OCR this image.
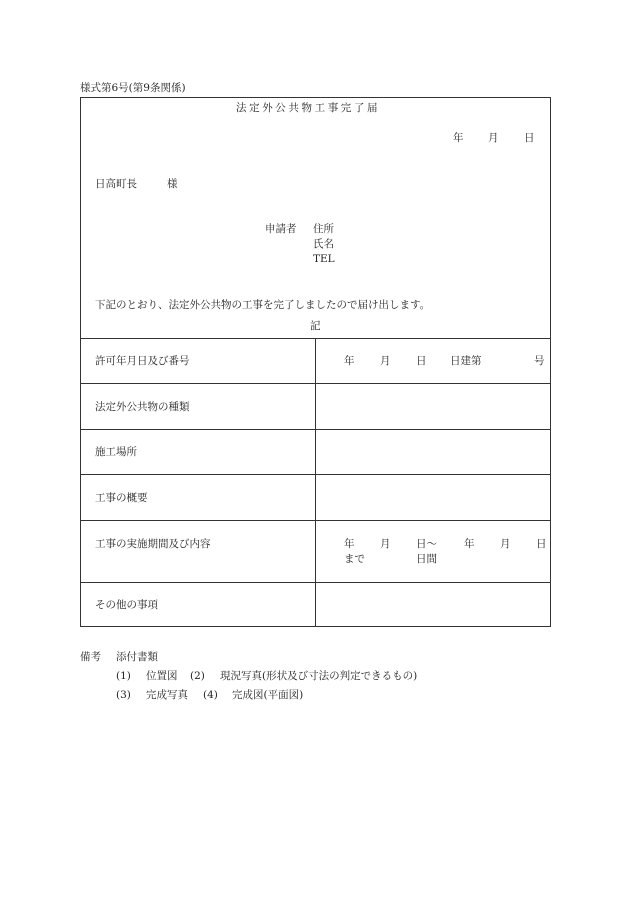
様式第6号(第9条関係)
法定外公共物工事完了届
年 月 日
日高町長	様
申請者 住所
氏名
TEL
下記のとおり、法定外公共物の工事を完了しましたので届け出します。
記
許可年月日及び番号	年 月 日 日建第	号
法定外公共物の種類
施工場所
工事の概要
工事の実施期間及び内容	年 月 日〜	年 月 日
まで	日間
その他の事項
備考 添付書類
(1) 位置図 (2) 現況写真(形状及び寸法の判定できるもの)
(3) 完成写真 (4) 完成図(平面図)
